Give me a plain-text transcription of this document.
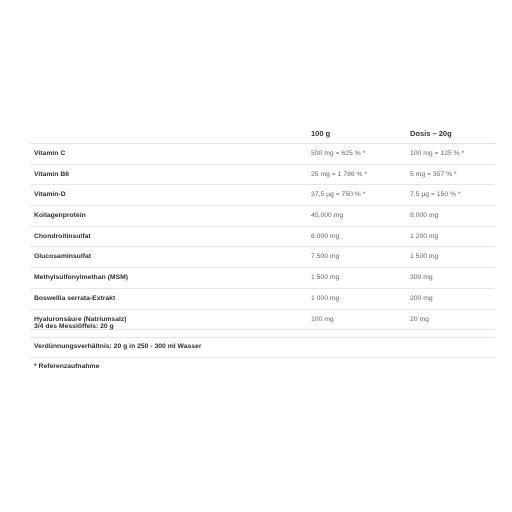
100 g	Dosis – 20g
Vitamin C	500 mg = 625 % *	100 mg = 125 % *
Vitamin B6	25 mg = 1 786 % *	5 mg = 357 % *
Vitamin-D	37,5 µg = 750 % *	7,5 µg = 150 % *
Kollagenprotein	45.000 mg	9.000 mg
Chondroitinsulfat	6.000 mg	1 200 mg
Glucosaminsulfat	7 500 mg	1 500 mg
Methylsulfonylmethan (MSM)	1 500 mg	300 mg
Boswellia serrata-Extrakt	1 000 mg	200 mg
Hyaluronsäure (Natriumsalz)	100 mg	20 mg
3/4 des Messlöffels: 20 g
Verdünnungsverhältnis: 20 g in 250 - 300 ml Wasser
* Referenzaufnahme
